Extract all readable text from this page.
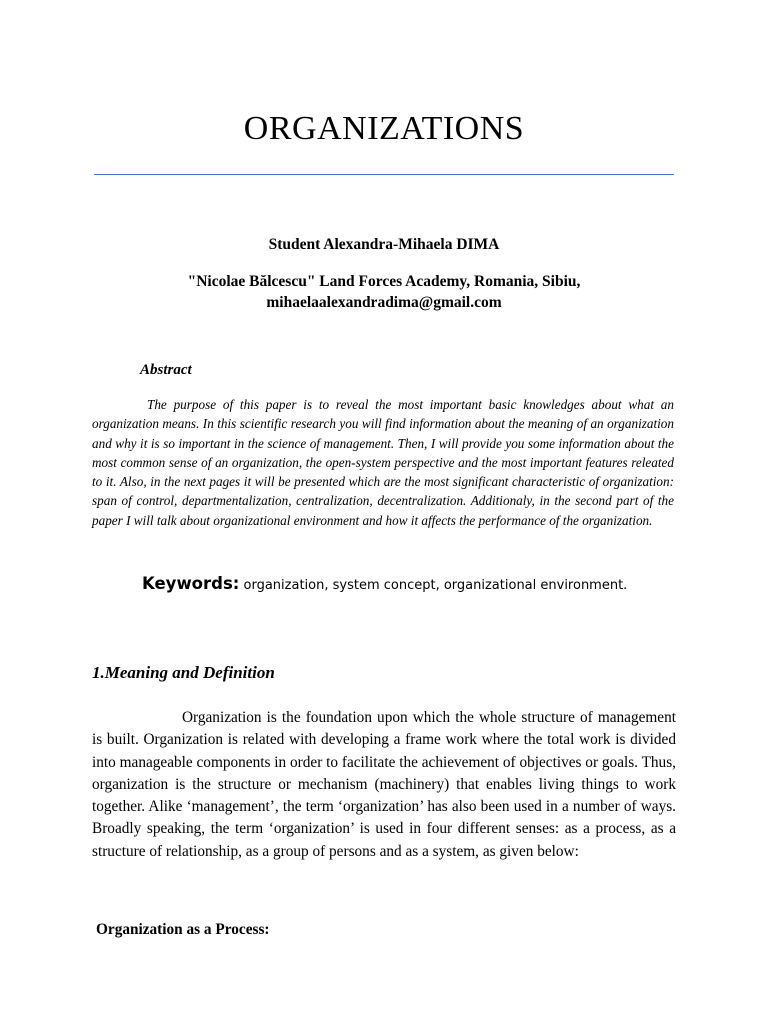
ORGANIZATIONS
Student Alexandra-Mihaela DIMA
"Nicolae Bălcescu" Land Forces Academy, Romania, Sibiu,
mihaelaalexandradima@gmail.com
Abstract

The purpose of this paper is to reveal the most important basic knowledges about what an organization means. In this scientific research you will find information about the meaning of an organization and why it is so important in the science of management. Then, I will provide you some information about the most common sense of an organization, the open-system perspective and the most important features releated to it. Also, in the next pages it will be presented which are the most significant characteristic of organization: span of control, departmentalization, centralization, decentralization. Additionaly, in the second part of the paper I will talk about organizational environment and how it affects the performance of the organization.

Keywords: organization, system concept, organizational environment.
1.Meaning and Definition

Organization is the foundation upon which the whole structure of management is built. Organization is related with developing a frame work where the total work is divided into manageable components in order to facilitate the achievement of objectives or goals. Thus, organization is the structure or mechanism (machinery) that enables living things to work together. Alike ‘management’, the term ‘organization’ has also been used in a number of ways. Broadly speaking, the term ‘organization’ is used in four different senses: as a process, as a structure of relationship, as a group of persons and as a system, as given below:

Organization as a Process:
